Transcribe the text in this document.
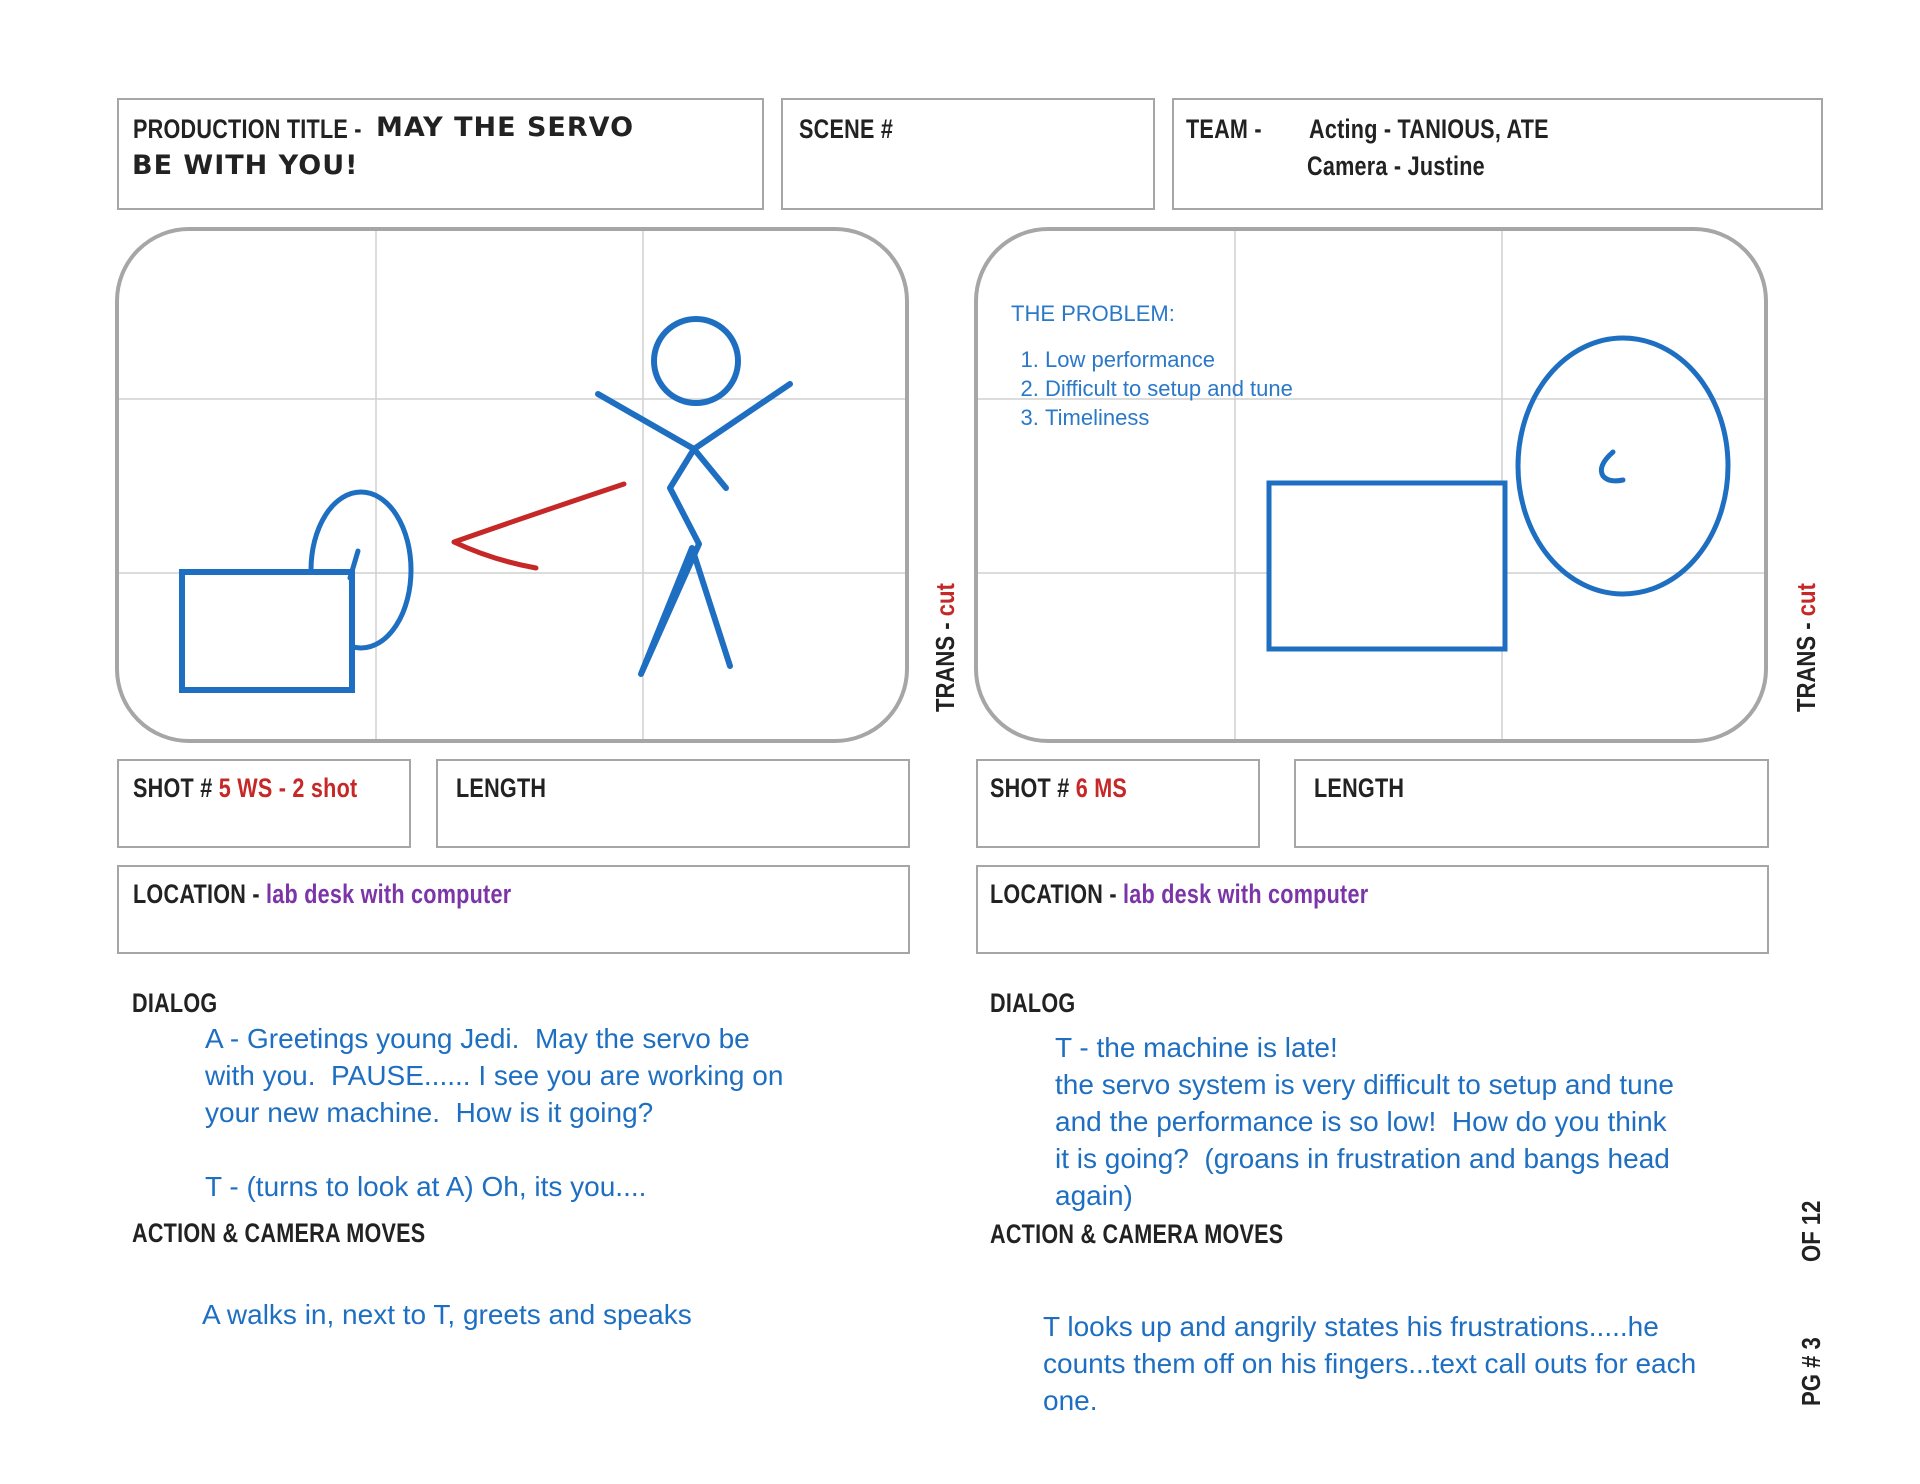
PRODUCTION TITLE - MAY THE SERVO
BE WITH YOU!
SCENE #	TEAM - Acting - TANIOUS, ATE
Camera - Justine
THE PROBLEM:
1. Low performance
2. Difficult to setup and tune
3. Timeliness
TRANS - cut
TRANS - cut
SHOT # 5 WS - 2 shot	LENGTH	SHOT # 6 MS	LENGTH
LOCATION - lab desk with computer	LOCATION - lab desk with computer
DIALOG
A - Greetings young Jedi.  May the servo be
with you.  PAUSE...... I see you are working on
your new machine.  How is it going?

T - (turns to look at A) Oh, its you....
ACTION & CAMERA MOVES
A walks in, next to T, greets and speaks
DIALOG
T - the machine is late!
the servo system is very difficult to setup and tune
and the performance is so low!  How do you think
it is going?  (groans in frustration and bangs head
again)
ACTION & CAMERA MOVES
T looks up and angrily states his frustrations.....he
counts them off on his fingers...text call outs for each
one.
OF 12
PG # 3
